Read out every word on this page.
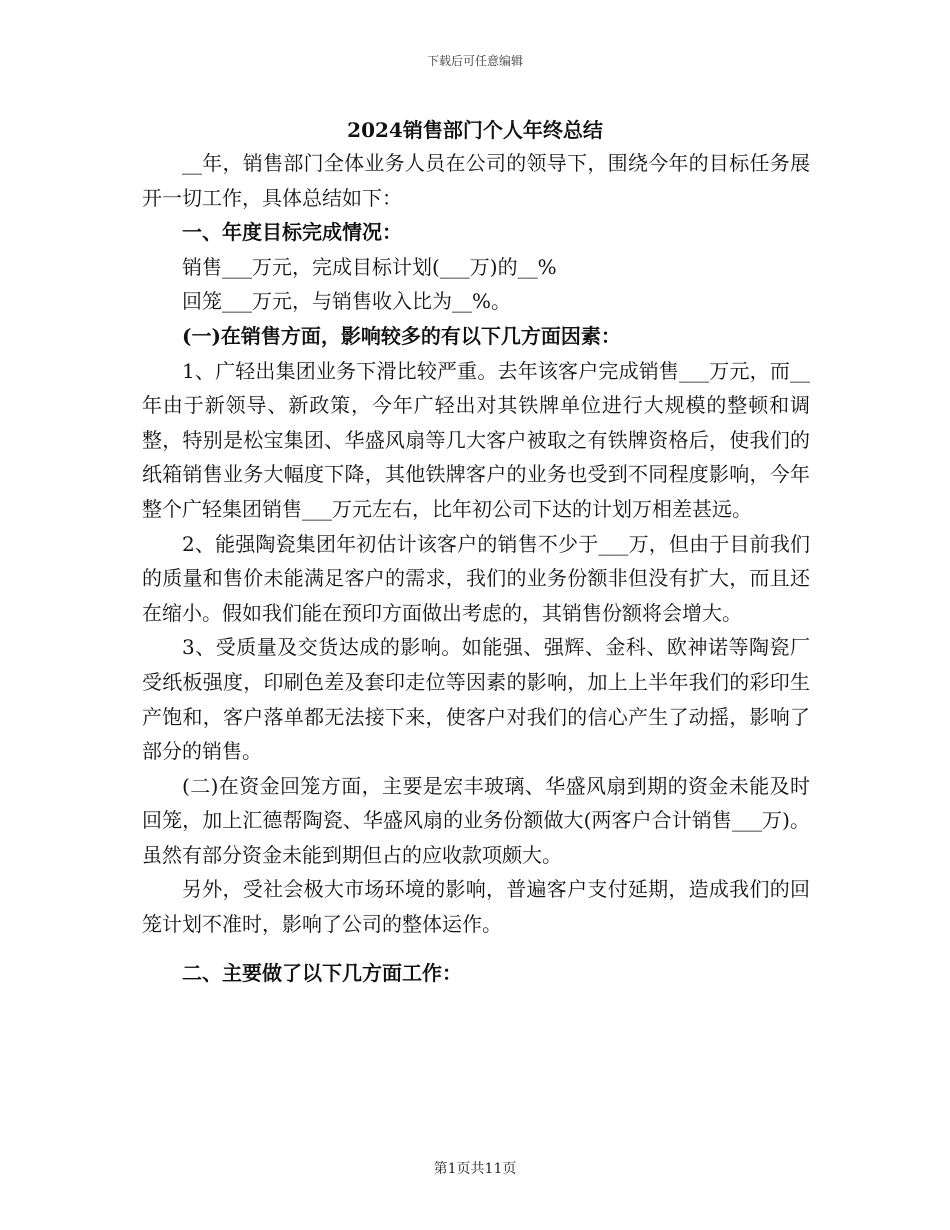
下载后可任意编辑
2024销售部门个人年终总结

__年，销售部门全体业务人员在公司的领导下，围绕今年的目标任务展开一切工作，具体总结如下：

一、年度目标完成情况：

销售___万元，完成目标计划(___万)的__%

回笼___万元，与销售收入比为__%。

(一)在销售方面，影响较多的有以下几方面因素：

1、广轻出集团业务下滑比较严重。去年该客户完成销售___万元，而__年由于新领导、新政策，今年广轻出对其铁牌单位进行大规模的整顿和调整，特别是松宝集团、华盛风扇等几大客户被取之有铁牌资格后，使我们的纸箱销售业务大幅度下降，其他铁牌客户的业务也受到不同程度影响，今年整个广轻集团销售___万元左右，比年初公司下达的计划万相差甚远。

2、能强陶瓷集团年初估计该客户的销售不少于___万，但由于目前我们的质量和售价未能满足客户的需求，我们的业务份额非但没有扩大，而且还在缩小。假如我们能在预印方面做出考虑的，其销售份额将会增大。

3、受质量及交货达成的影响。如能强、强辉、金科、欧神诺等陶瓷厂受纸板强度，印刷色差及套印走位等因素的影响，加上上半年我们的彩印生产饱和，客户落单都无法接下来，使客户对我们的信心产生了动摇，影响了部分的销售。

(二)在资金回笼方面，主要是宏丰玻璃、华盛风扇到期的资金未能及时回笼，加上汇德帮陶瓷、华盛风扇的业务份额做大(两客户合计销售___万)。虽然有部分资金未能到期但占的应收款项颇大。

另外，受社会极大市场环境的影响，普遍客户支付延期，造成我们的回笼计划不准时，影响了公司的整体运作。

二、主要做了以下几方面工作：

第1页共11页
